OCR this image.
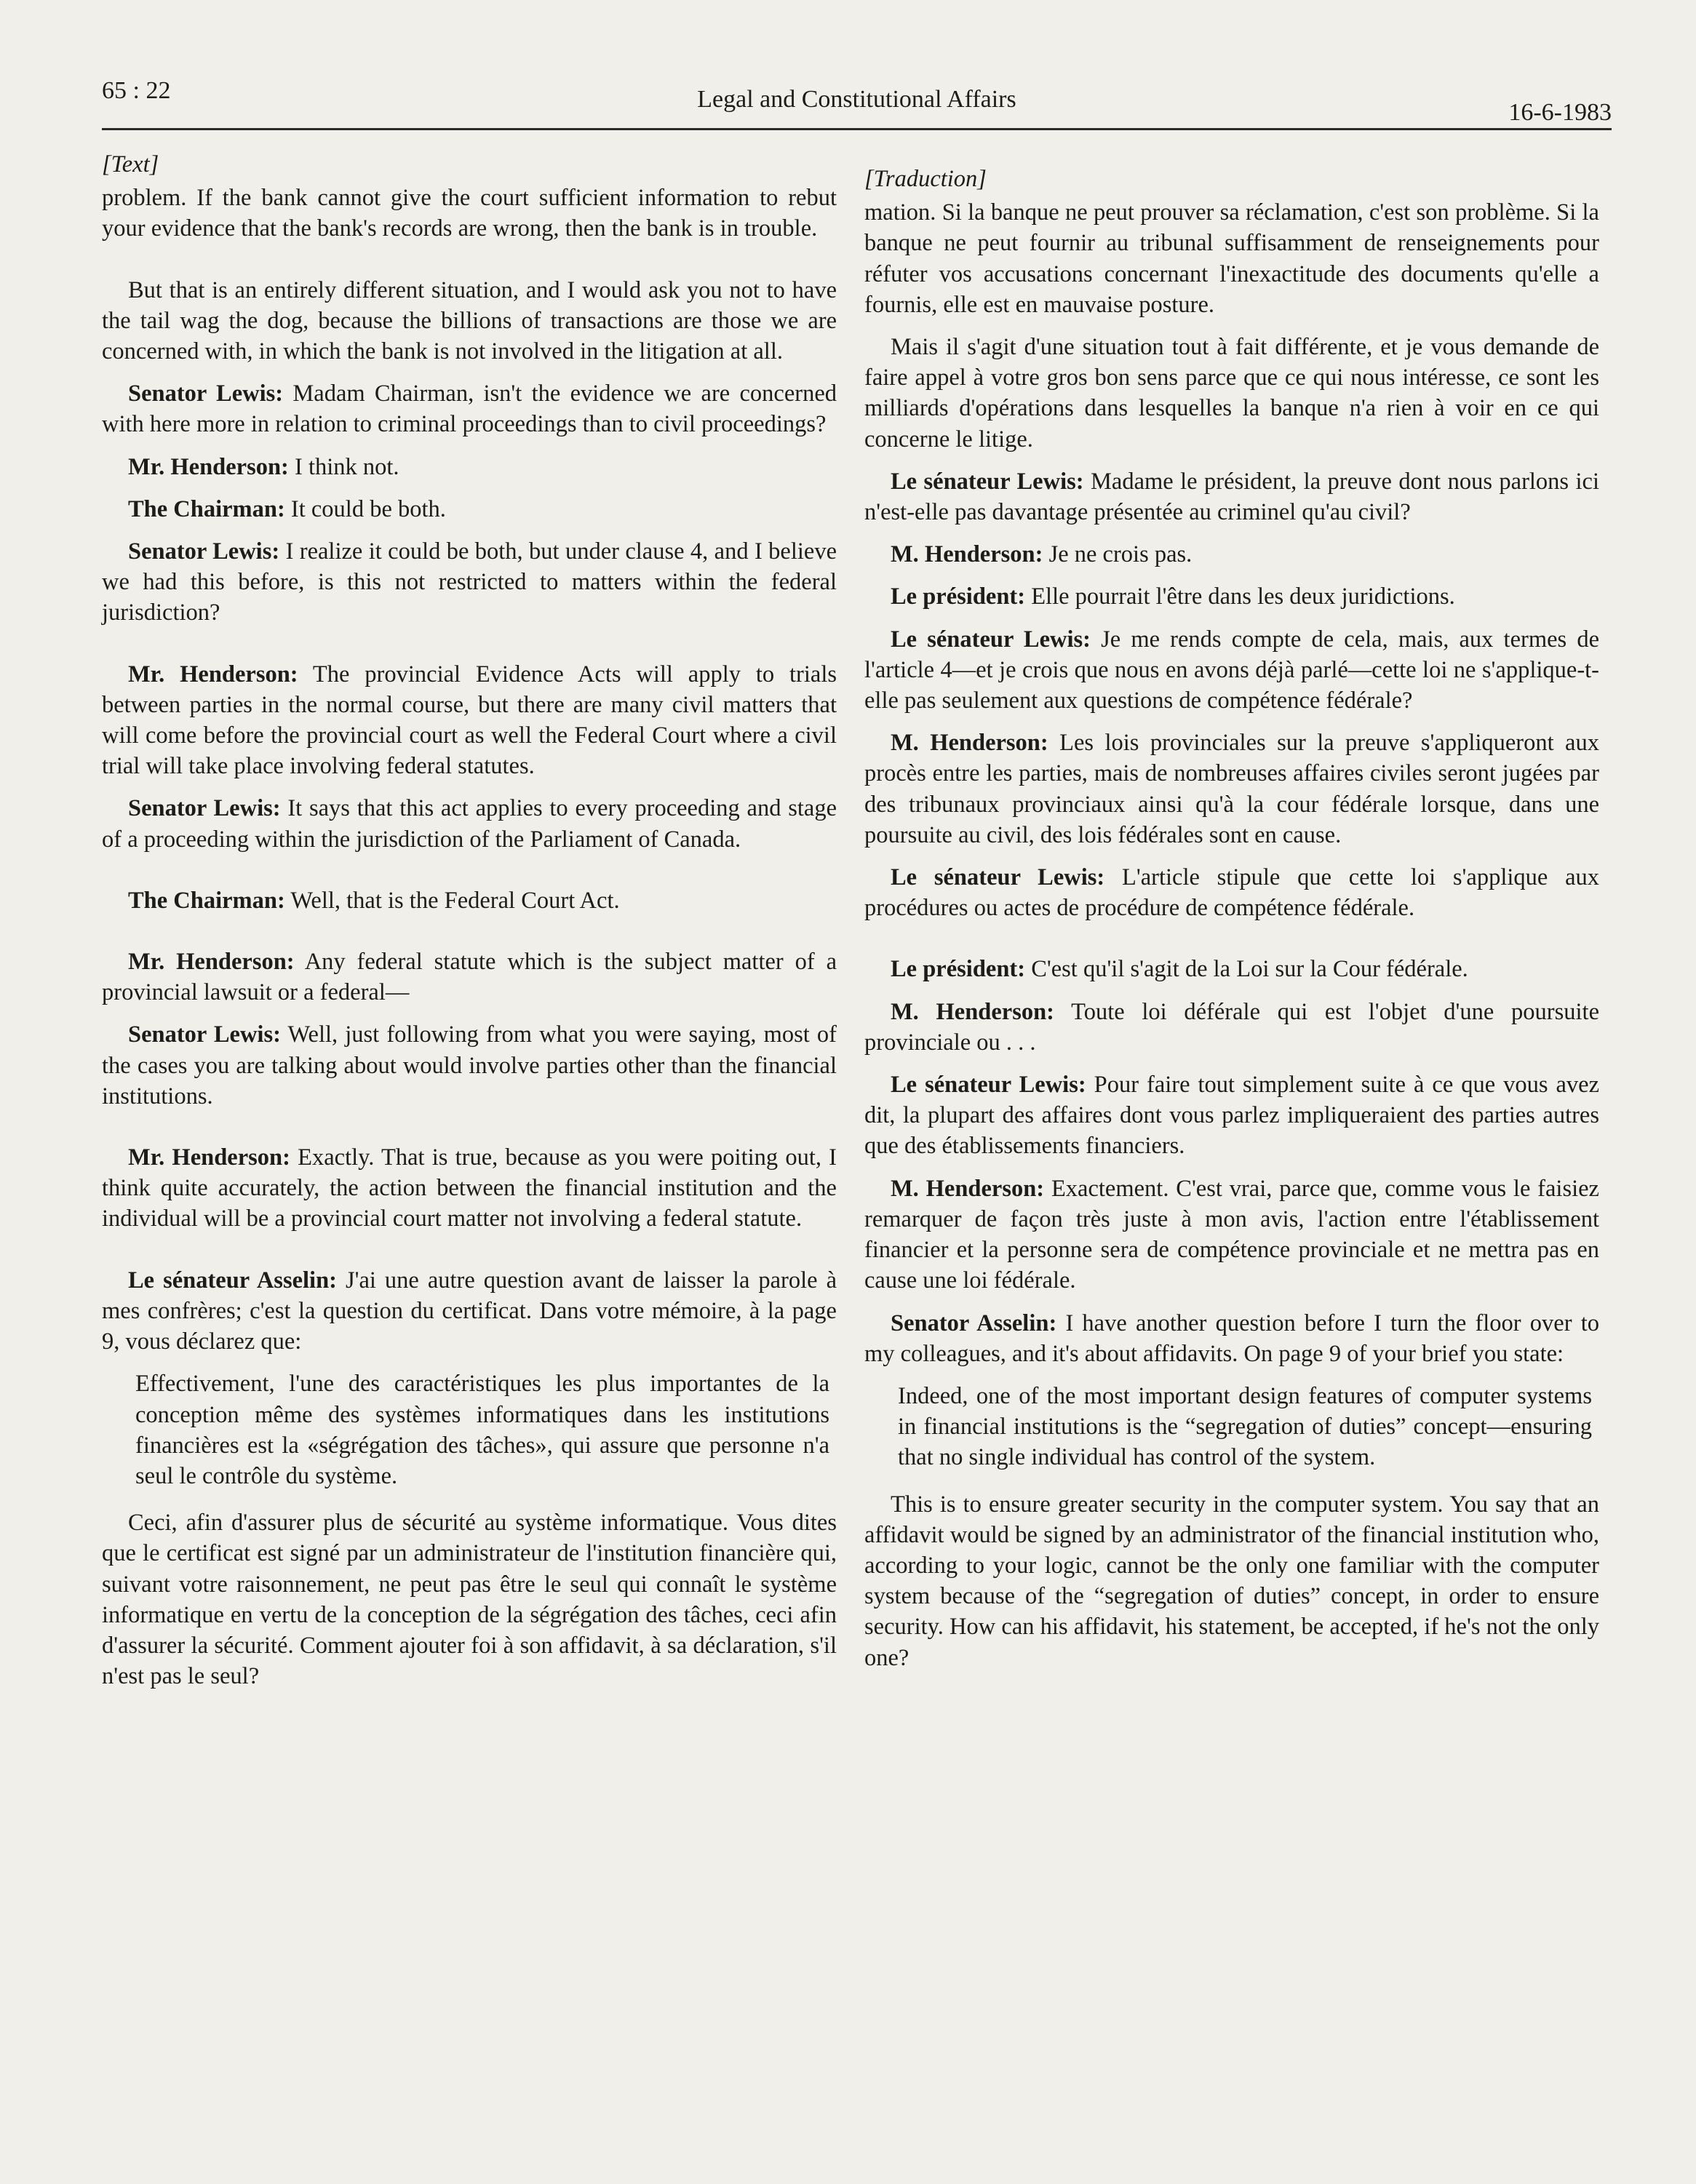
65 : 22	Legal and Constitutional Affairs	16-6-1983

[Text]

problem. If the bank cannot give the court sufficient information to rebut your evidence that the bank's records are wrong, then the bank is in trouble.

But that is an entirely different situation, and I would ask you not to have the tail wag the dog, because the billions of transactions are those we are concerned with, in which the bank is not involved in the litigation at all.

Senator Lewis: Madam Chairman, isn't the evidence we are concerned with here more in relation to criminal proceedings than to civil proceedings?

Mr. Henderson: I think not.

The Chairman: It could be both.

Senator Lewis: I realize it could be both, but under clause 4, and I believe we had this before, is this not restricted to matters within the federal jurisdiction?

Mr. Henderson: The provincial Evidence Acts will apply to trials between parties in the normal course, but there are many civil matters that will come before the provincial court as well the Federal Court where a civil trial will take place involving federal statutes.

Senator Lewis: It says that this act applies to every proceeding and stage of a proceeding within the jurisdiction of the Parliament of Canada.

The Chairman: Well, that is the Federal Court Act.

Mr. Henderson: Any federal statute which is the subject matter of a provincial lawsuit or a federal—

Senator Lewis: Well, just following from what you were saying, most of the cases you are talking about would involve parties other than the financial institutions.

Mr. Henderson: Exactly. That is true, because as you were poiting out, I think quite accurately, the action between the financial institution and the individual will be a provincial court matter not involving a federal statute.

Le sénateur Asselin: J'ai une autre question avant de laisser la parole à mes confrères; c'est la question du certificat. Dans votre mémoire, à la page 9, vous déclarez que:

Effectivement, l'une des caractéristiques les plus importantes de la conception même des systèmes informatiques dans les institutions financières est la «ségrégation des tâches», qui assure que personne n'a seul le contrôle du système.

Ceci, afin d'assurer plus de sécurité au système informatique. Vous dites que le certificat est signé par un administrateur de l'institution financière qui, suivant votre raisonnement, ne peut pas être le seul qui connaît le système informatique en vertu de la conception de la ségrégation des tâches, ceci afin d'assurer la sécurité. Comment ajouter foi à son affidavit, à sa déclaration, s'il n'est pas le seul?

[Traduction]

mation. Si la banque ne peut prouver sa réclamation, c'est son problème. Si la banque ne peut fournir au tribunal suffisamment de renseignements pour réfuter vos accusations concernant l'inexactitude des documents qu'elle a fournis, elle est en mauvaise posture.

Mais il s'agit d'une situation tout à fait différente, et je vous demande de faire appel à votre gros bon sens parce que ce qui nous intéresse, ce sont les milliards d'opérations dans lesquelles la banque n'a rien à voir en ce qui concerne le litige.

Le sénateur Lewis: Madame le président, la preuve dont nous parlons ici n'est-elle pas davantage présentée au criminel qu'au civil?

M. Henderson: Je ne crois pas.

Le président: Elle pourrait l'être dans les deux juridictions.

Le sénateur Lewis: Je me rends compte de cela, mais, aux termes de l'article 4—et je crois que nous en avons déjà parlé—cette loi ne s'applique-t-elle pas seulement aux questions de compétence fédérale?

M. Henderson: Les lois provinciales sur la preuve s'appliqueront aux procès entre les parties, mais de nombreuses affaires civiles seront jugées par des tribunaux provinciaux ainsi qu'à la cour fédérale lorsque, dans une poursuite au civil, des lois fédérales sont en cause.

Le sénateur Lewis: L'article stipule que cette loi s'applique aux procédures ou actes de procédure de compétence fédérale.

Le président: C'est qu'il s'agit de la Loi sur la Cour fédérale.

M. Henderson: Toute loi déférale qui est l'objet d'une poursuite provinciale ou . . .

Le sénateur Lewis: Pour faire tout simplement suite à ce que vous avez dit, la plupart des affaires dont vous parlez impliqueraient des parties autres que des établissements financiers.

M. Henderson: Exactement. C'est vrai, parce que, comme vous le faisiez remarquer de façon très juste à mon avis, l'action entre l'établissement financier et la personne sera de compétence provinciale et ne mettra pas en cause une loi fédérale.

Senator Asselin: I have another question before I turn the floor over to my colleagues, and it's about affidavits. On page 9 of your brief you state:

Indeed, one of the most important design features of computer systems in financial institutions is the “segregation of duties” concept—ensuring that no single individual has control of the system.

This is to ensure greater security in the computer system. You say that an affidavit would be signed by an administrator of the financial institution who, according to your logic, cannot be the only one familiar with the computer system because of the “segregation of duties” concept, in order to ensure security. How can his affidavit, his statement, be accepted, if he's not the only one?
